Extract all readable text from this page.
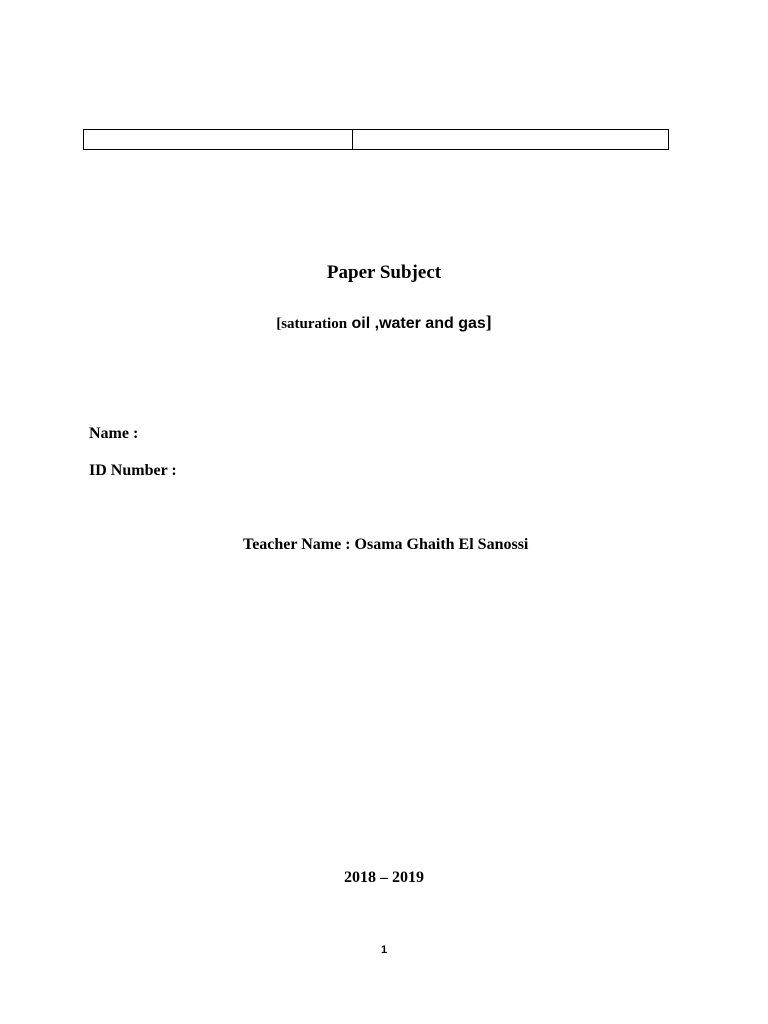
Paper Subject
[saturation oil ,water and gas]
Name :
ID Number :
Teacher Name : Osama Ghaith El Sanossi
2018 – 2019
1
